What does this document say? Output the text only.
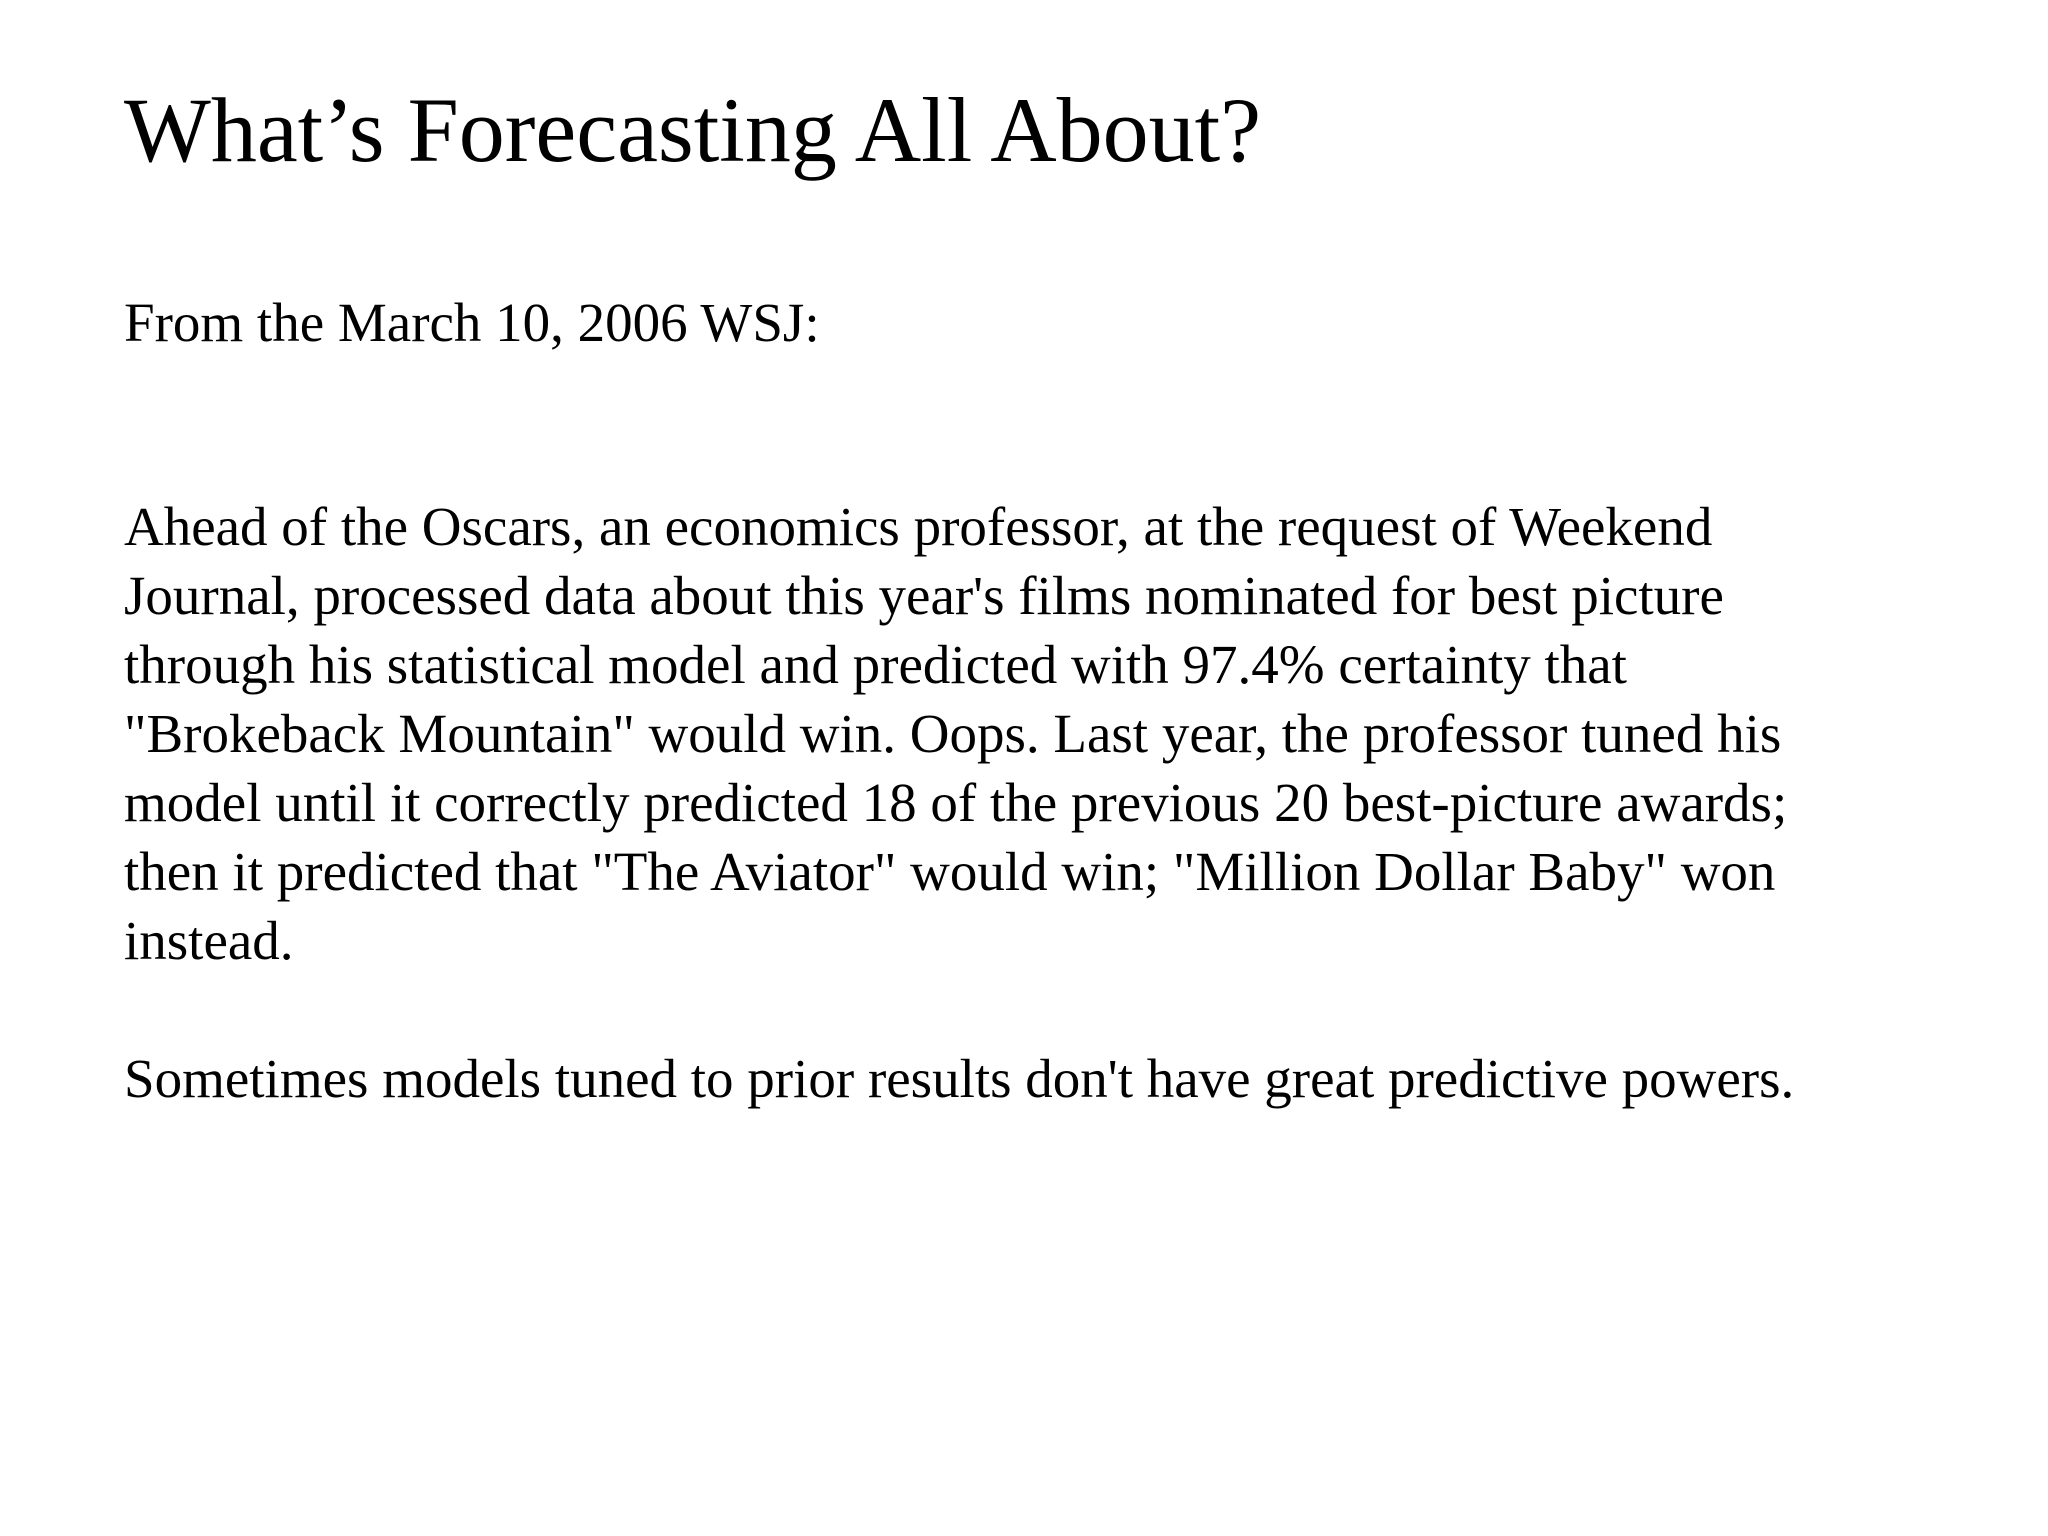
What’s Forecasting All About?

From the March 10, 2006 WSJ:

Ahead of the Oscars, an economics professor, at the request of Weekend
Journal, processed data about this year's films nominated for best picture
through his statistical model and predicted with 97.4% certainty that
"Brokeback Mountain" would win. Oops. Last year, the professor tuned his
model until it correctly predicted 18 of the previous 20 best-picture awards;
then it predicted that "The Aviator" would win; "Million Dollar Baby" won
instead.

Sometimes models tuned to prior results don't have great predictive powers.
